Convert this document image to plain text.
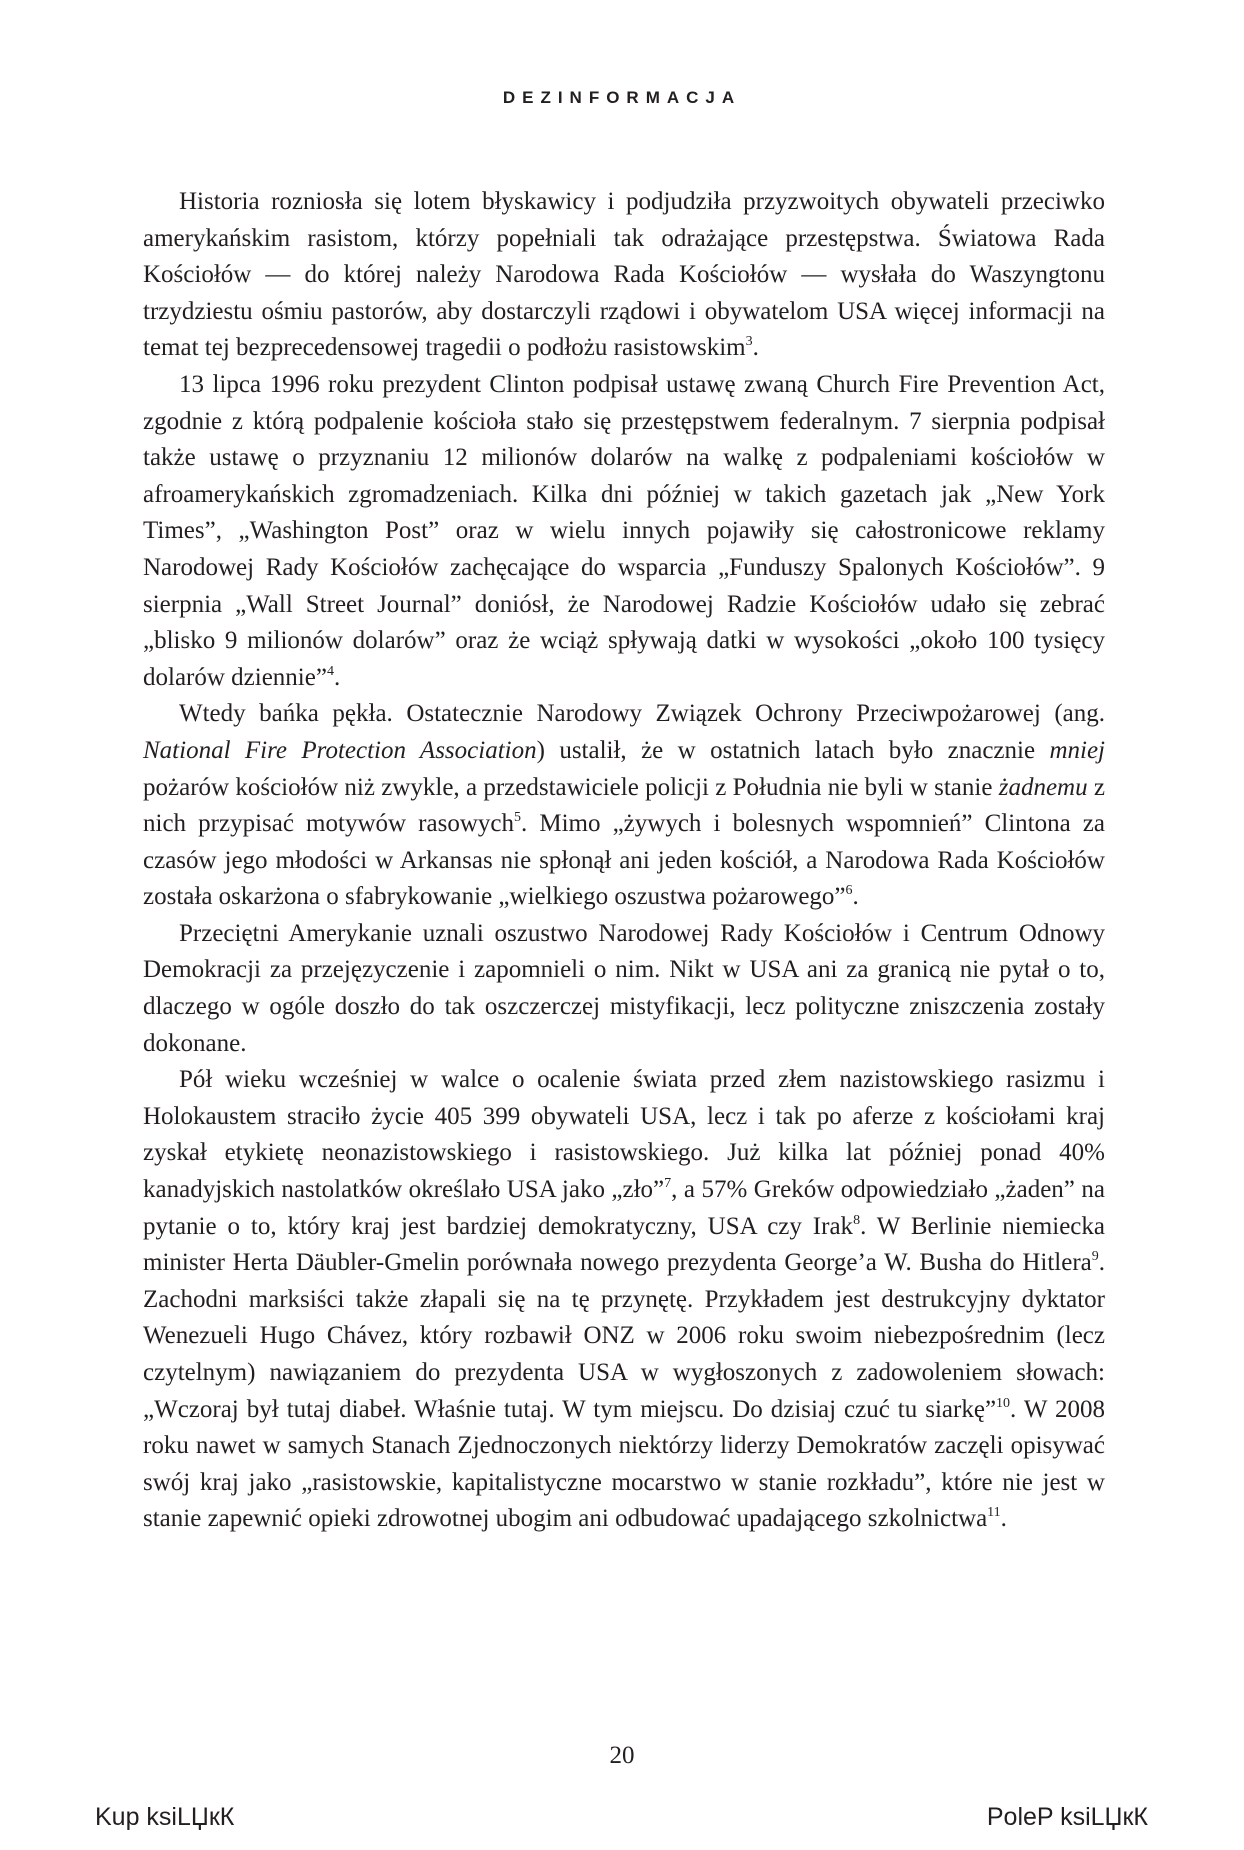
DEZINFORMACJA

Historia rozniosła się lotem błyskawicy i podjudziła przyzwoitych obywateli przeciwko amerykańskim rasistom, którzy popełniali tak odrażające przestępstwa. Światowa Rada Kościołów — do której należy Narodowa Rada Kościołów — wysłała do Waszyngtonu trzydziestu ośmiu pastorów, aby dostarczyli rządowi i obywatelom USA więcej informacji na temat tej bezprecedensowej tragedii o podłożu rasistowskim$^3$.

13 lipca 1996 roku prezydent Clinton podpisał ustawę zwaną Church Fire Prevention Act, zgodnie z którą podpalenie kościoła stało się przestępstwem federalnym. 7 sierpnia podpisał także ustawę o przyznaniu 12 milionów dolarów na walkę z podpaleniami kościołów w afroamerykańskich zgromadzeniach. Kilka dni później w takich gazetach jak „New York Times”, „Washington Post” oraz w wielu innych pojawiły się całostronicowe reklamy Narodowej Rady Kościołów zachęcające do wsparcia „Funduszy Spalonych Kościołów”. 9 sierpnia „Wall Street Journal” doniósł, że Narodowej Radzie Kościołów udało się zebrać „blisko 9 milionów dolarów” oraz że wciąż spływają datki w wysokości „około 100 tysięcy dolarów dziennie”$^4$.

Wtedy bańka pękła. Ostatecznie Narodowy Związek Ochrony Przeciwpożarowej (ang. National Fire Protection Association) ustalił, że w ostatnich latach było znacznie mniej pożarów kościołów niż zwykle, a przedstawiciele policji z Południa nie byli w stanie żadnemu z nich przypisać motywów rasowych$^5$. Mimo „żywych i bolesnych wspomnień” Clintona za czasów jego młodości w Arkansas nie spłonął ani jeden kościół, a Narodowa Rada Kościołów została oskarżona o sfabrykowanie „wielkiego oszustwa pożarowego”$^6$.

Przeciętni Amerykanie uznali oszustwo Narodowej Rady Kościołów i Centrum Odnowy Demokracji za przejęzyczenie i zapomnieli o nim. Nikt w USA ani za granicą nie pytał o to, dlaczego w ogóle doszło do tak oszczerczej mistyfikacji, lecz polityczne zniszczenia zostały dokonane.

Pół wieku wcześniej w walce o ocalenie świata przed złem nazistowskiego rasizmu i Holokaustem straciło życie 405 399 obywateli USA, lecz i tak po aferze z kościołami kraj zyskał etykietę neonazistowskiego i rasistowskiego. Już kilka lat później ponad 40% kanadyjskich nastolatków określało USA jako „zło”$^7$, a 57% Greków odpowiedziało „żaden” na pytanie o to, który kraj jest bardziej demokratyczny, USA czy Irak$^8$. W Berlinie niemiecka minister Herta Däubler-Gmelin porównała nowego prezydenta George’a W. Busha do Hitlera$^9$. Zachodni marksiści także złapali się na tę przynętę. Przykładem jest destrukcyjny dyktator Wenezueli Hugo Chávez, który rozbawił ONZ w 2006 roku swoim niebezpośrednim (lecz czytelnym) nawiązaniem do prezydenta USA w wygłoszonych z zadowoleniem słowach: „Wczoraj był tutaj diabeł. Właśnie tutaj. W tym miejscu. Do dzisiaj czuć tu siarkę”$^{10}$. W 2008 roku nawet w samych Stanach Zjednoczonych niektórzy liderzy Demokratów zaczęli opisywać swój kraj jako „rasistowskie, kapitalistyczne mocarstwo w stanie rozkładu”, które nie jest w stanie zapewnić opieki zdrowotnej ubogim ani odbudować upadającego szkolnictwa$^{11}$.

20
Kup ksiLЏкК	PoleP ksiLЏкК
